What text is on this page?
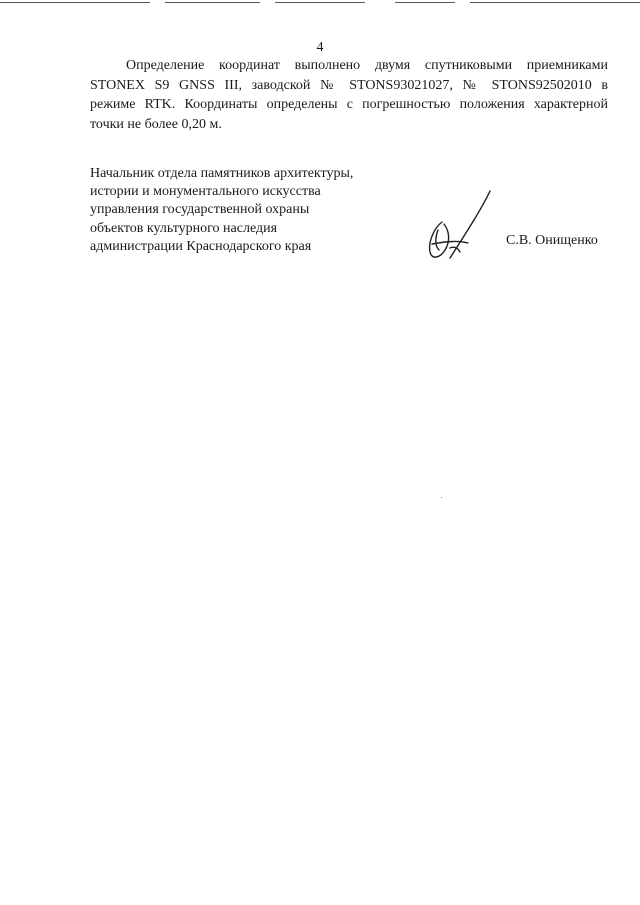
4
Определение координат выполнено двумя спутниковыми приемниками
STONEX S9 GNSS III, заводской № STONS93021027, № STONS92502010 в
режиме RTK. Координаты определены с погрешностью положения характерной
точки не более 0,20 м.
Начальник отдела памятников архитектуры,
истории и монументального искусства
управления государственной охраны
объектов культурного наследия
администрации Краснодарского края	С.В. Онищенко
